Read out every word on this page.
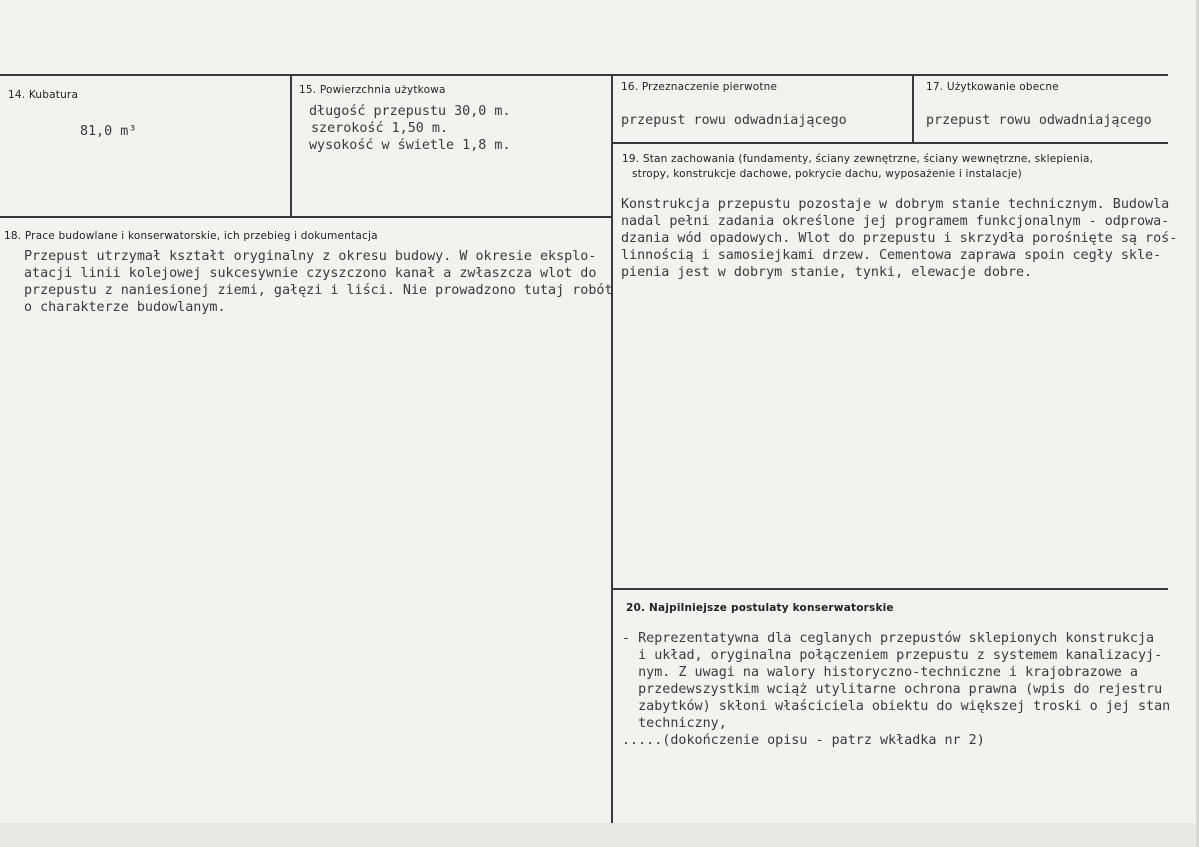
14. Kubatura
81,0 m³
15. Powierzchnia użytkowa
długość przepustu 30,0 m.
szerokość 1,50 m.
wysokość w świetle 1,8 m.
16. Przeznaczenie pierwotne
przepust rowu odwadniającego
17. Użytkowanie obecne
przepust rowu odwadniającego
18. Prace budowlane i konserwatorskie, ich przebieg i dokumentacja
Przepust utrzymał kształt oryginalny z okresu budowy. W okresie eksplo-
atacji linii kolejowej sukcesywnie czyszczono kanał a zwłaszcza wlot do
przepustu z naniesionej ziemi, gałęzi i liści. Nie prowadzono tutaj robót
o charakterze budowlanym.
19. Stan zachowania (fundamenty, ściany zewnętrzne, ściany wewnętrzne, sklepienia,
stropy, konstrukcje dachowe, pokrycie dachu, wyposażenie i instalacje)
Konstrukcja przepustu pozostaje w dobrym stanie technicznym. Budowla
nadal pełni zadania określone jej programem funkcjonalnym - odprowa-
dzania wód opadowych. Wlot do przepustu i skrzydła porośnięte są roś-
linnością i samosiejkami drzew. Cementowa zaprawa spoin cegły skle-
pienia jest w dobrym stanie, tynki, elewacje dobre.
20. Najpilniejsze postulaty konserwatorskie
- Reprezentatywna dla ceglanych przepustów sklepionych konstrukcja
i układ, oryginalna połączeniem przepustu z systemem kanalizacyj-
nym. Z uwagi na walory historyczno-techniczne i krajobrazowe a
przedewszystkim wciąż utylitarne ochrona prawna (wpis do rejestru
zabytków) skłoni właściciela obiektu do większej troski o jej stan
techniczny,
.....(dokończenie opisu - patrz wkładka nr 2)
